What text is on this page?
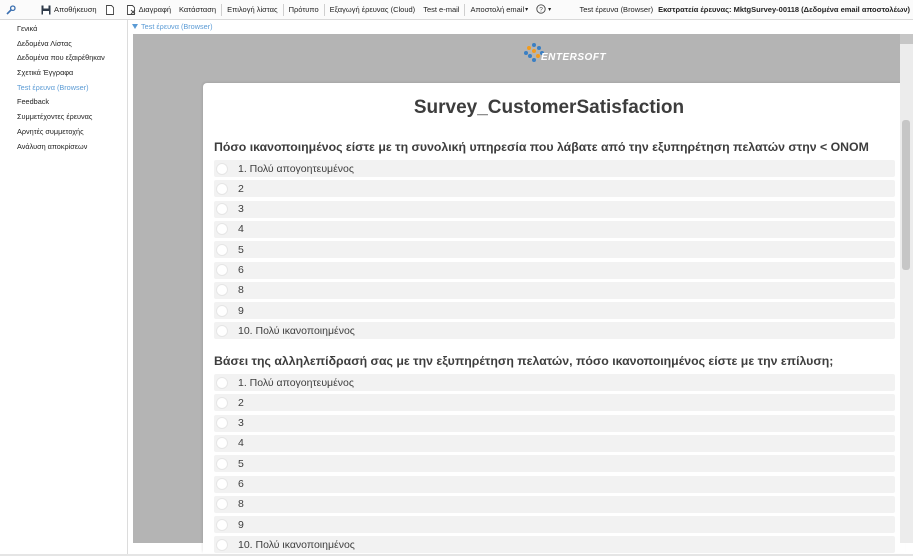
Αποθήκευση	Διαγραφή Κατάσταση Επιλογή λίστας Πρότυπο Εξαγωγή έρευνας (Cloud) Test e-mail Αποστολή email ▾ ? ▾	Test έρευνα (Browser) Εκστρατεία έρευνας: MktgSurvey-00118 (Δεδομένα email αποστολέων)
Γενικά
Δεδομένα Λίστας
Δεδομένα που εξαιρέθηκαν
Σχετικά Έγγραφα
Test έρευνα (Browser)
Feedback
Συμμετέχοντες έρευνας
Αρνητές συμμετοχής
Ανάλυση αποκρίσεων
Test έρευνα (Browser)
ENTERSOFT
Survey_CustomerSatisfaction
Πόσο ικανοποιημένος είστε με τη συνολική υπηρεσία που λάβατε από την εξυπηρέτηση πελατών στην < ONOM
1. Πολύ απογοητευμένος
2
3
4
5
6
8
9
10. Πολύ ικανοποιημένος
Βάσει της αλληλεπίδρασή σας με την εξυπηρέτηση πελατών, πόσο ικανοποιημένος είστε με την επίλυση;
1. Πολύ απογοητευμένος
2
3
4
5
6
8
9
10. Πολύ ικανοποιημένος
